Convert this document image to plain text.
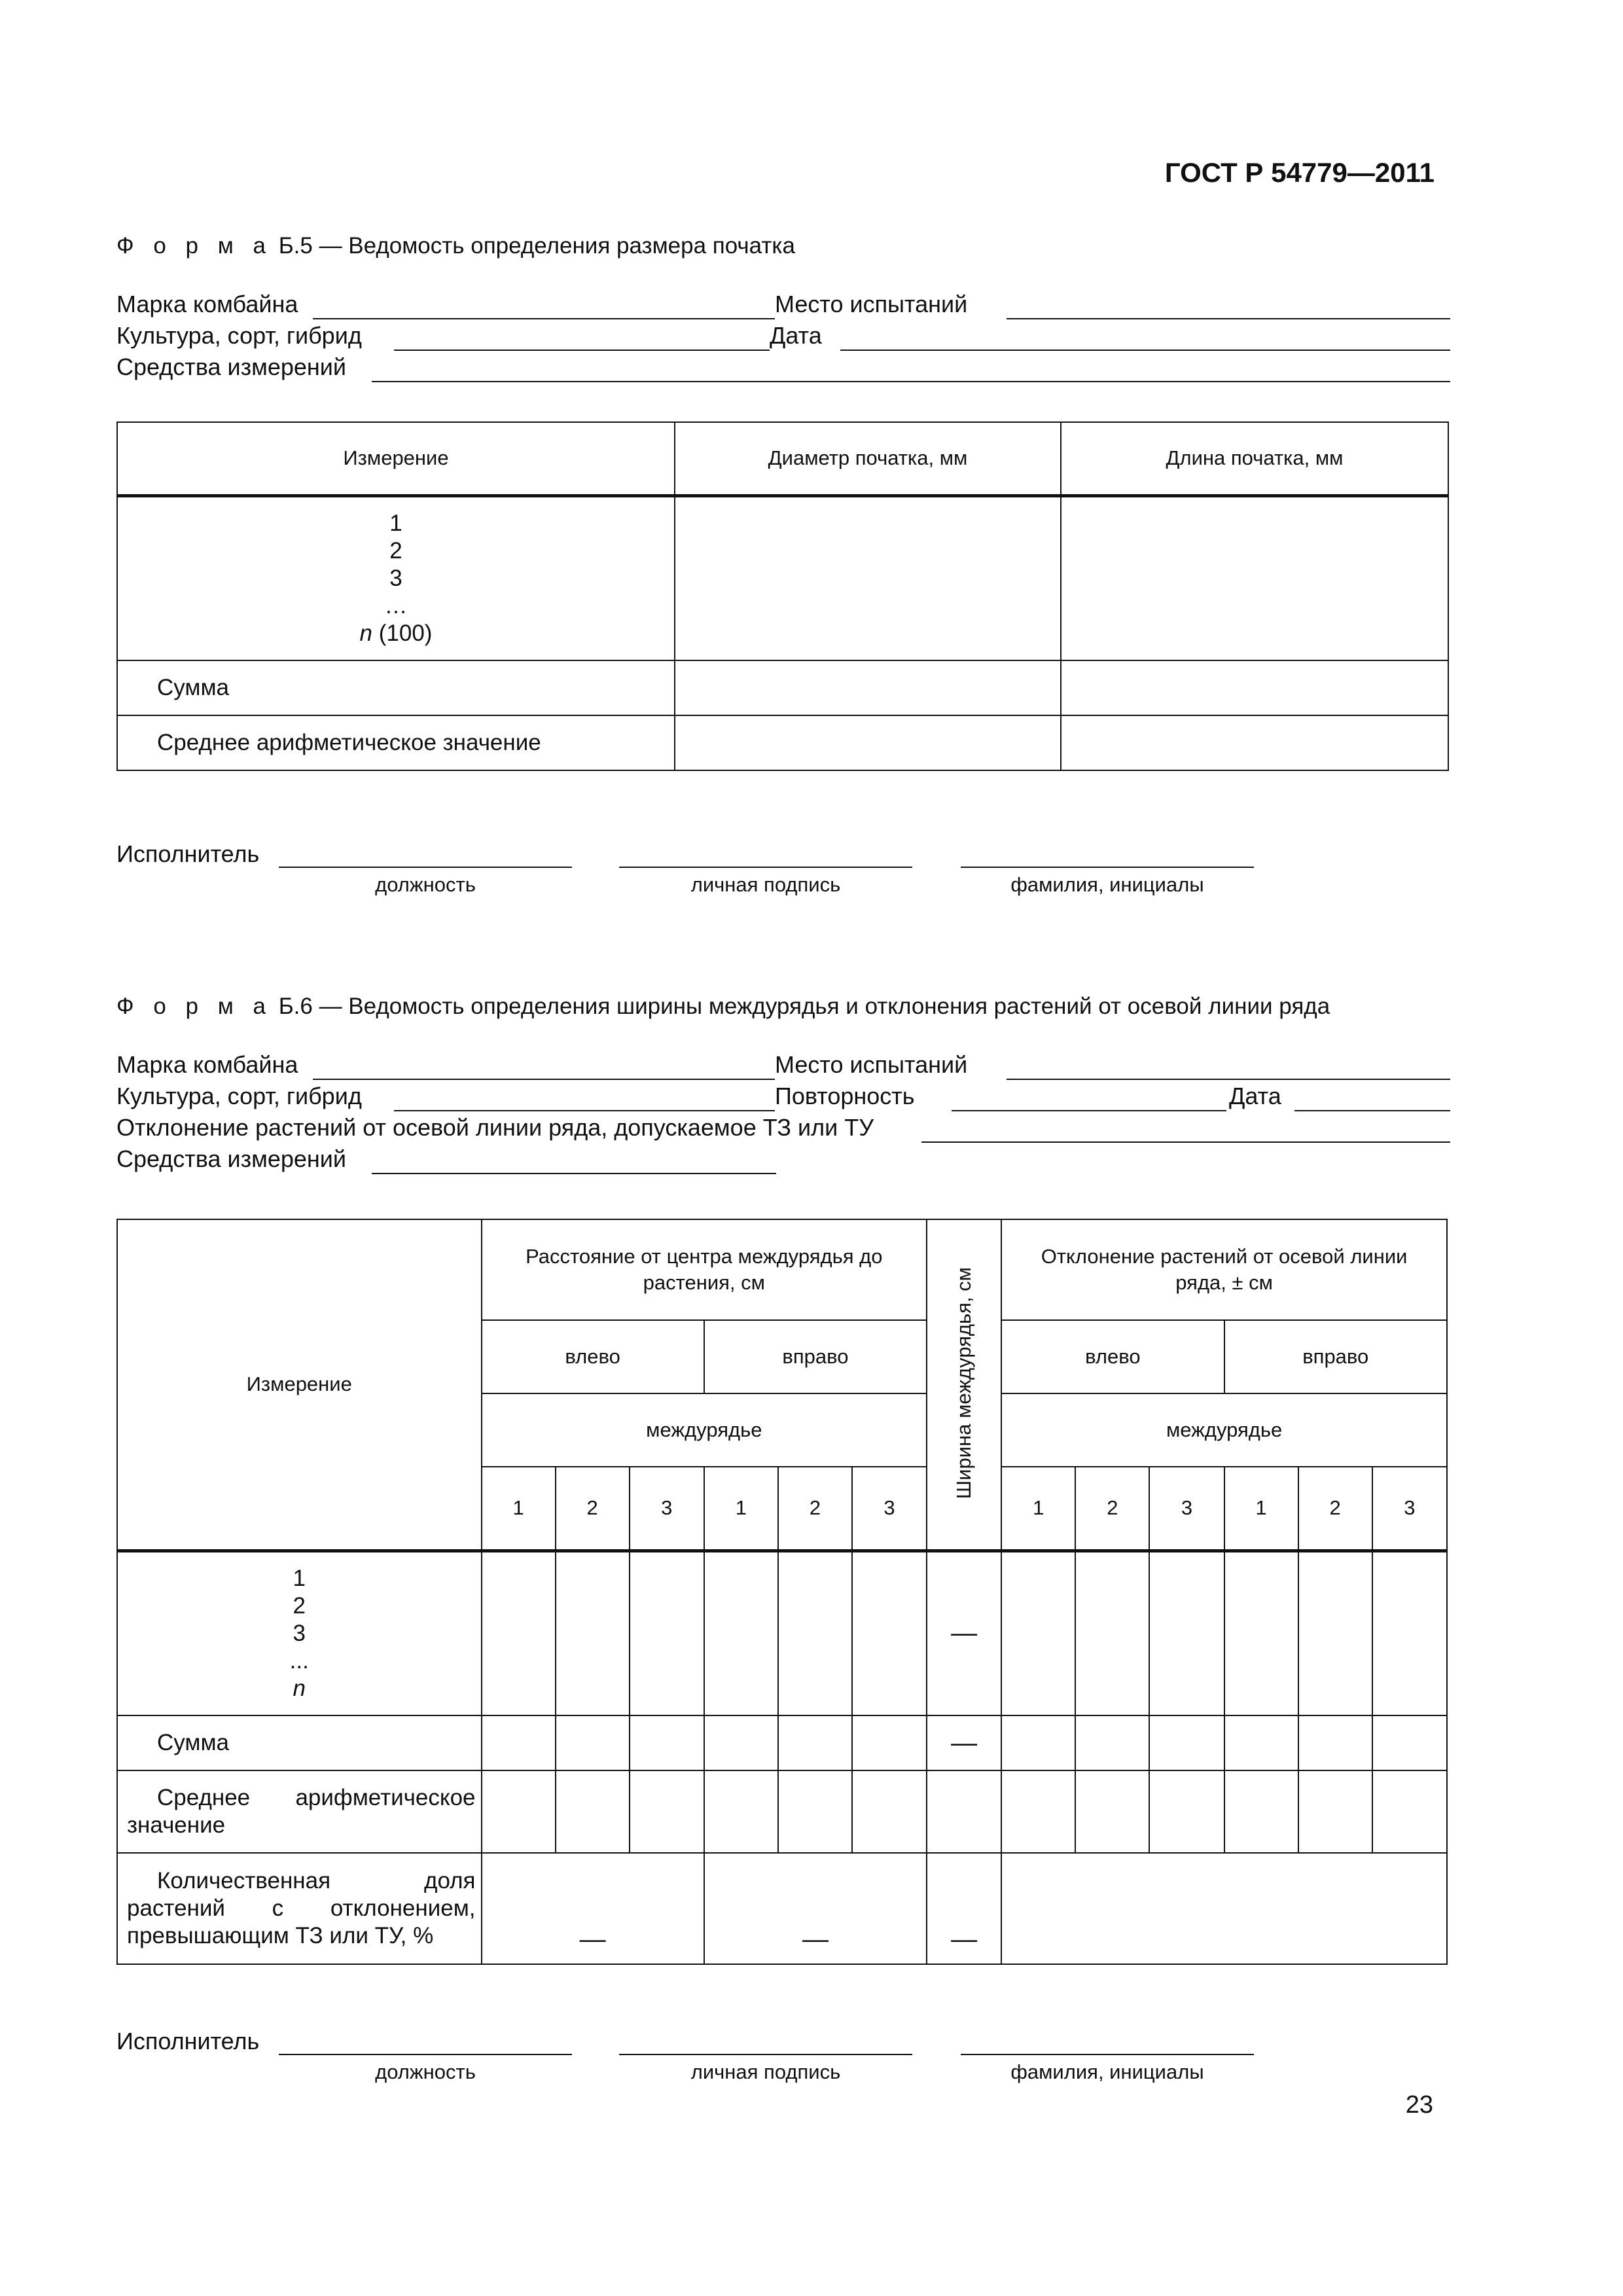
ГОСТ Р 54779—2011
Ф о р м а Б.5 — Ведомость определения размера початка
Марка комбайна	Место испытаний
Культура, сорт, гибрид	Дата
Средства измерений
Измерение	Диаметр початка, мм	Длина початка, мм

1
2
3
…
n (100)		

Сумма		
Среднее арифметическое значение		
Исполнитель
должность	личная подпись	фамилия, инициалы
Ф о р м а Б.6 — Ведомость определения ширины междурядья и отклонения растений от осевой линии ряда
Марка комбайна	Место испытаний
Культура, сорт, гибрид	Повторность	Дата
Отклонение растений от осевой линии ряда, допускаемое ТЗ или ТУ
Средства измерений
Измерение	Расстояние от центра междурядья до растения, см						Ширина междурядья, см	Отклонение растений от осевой линии ряда, ± см					
	влево			вправо				влево			вправо		
	междурядье							междурядье					
	1	2	3	1	2	3		1	2	3	1	2	3

1
2
3
...
n							—						
Сумма							—						
Среднее арифметическое значение													
Количественная доля растений с отклонением, превышающим ТЗ или ТУ, %	—			—			—						
Исполнитель
должность	личная подпись	фамилия, инициалы
23
